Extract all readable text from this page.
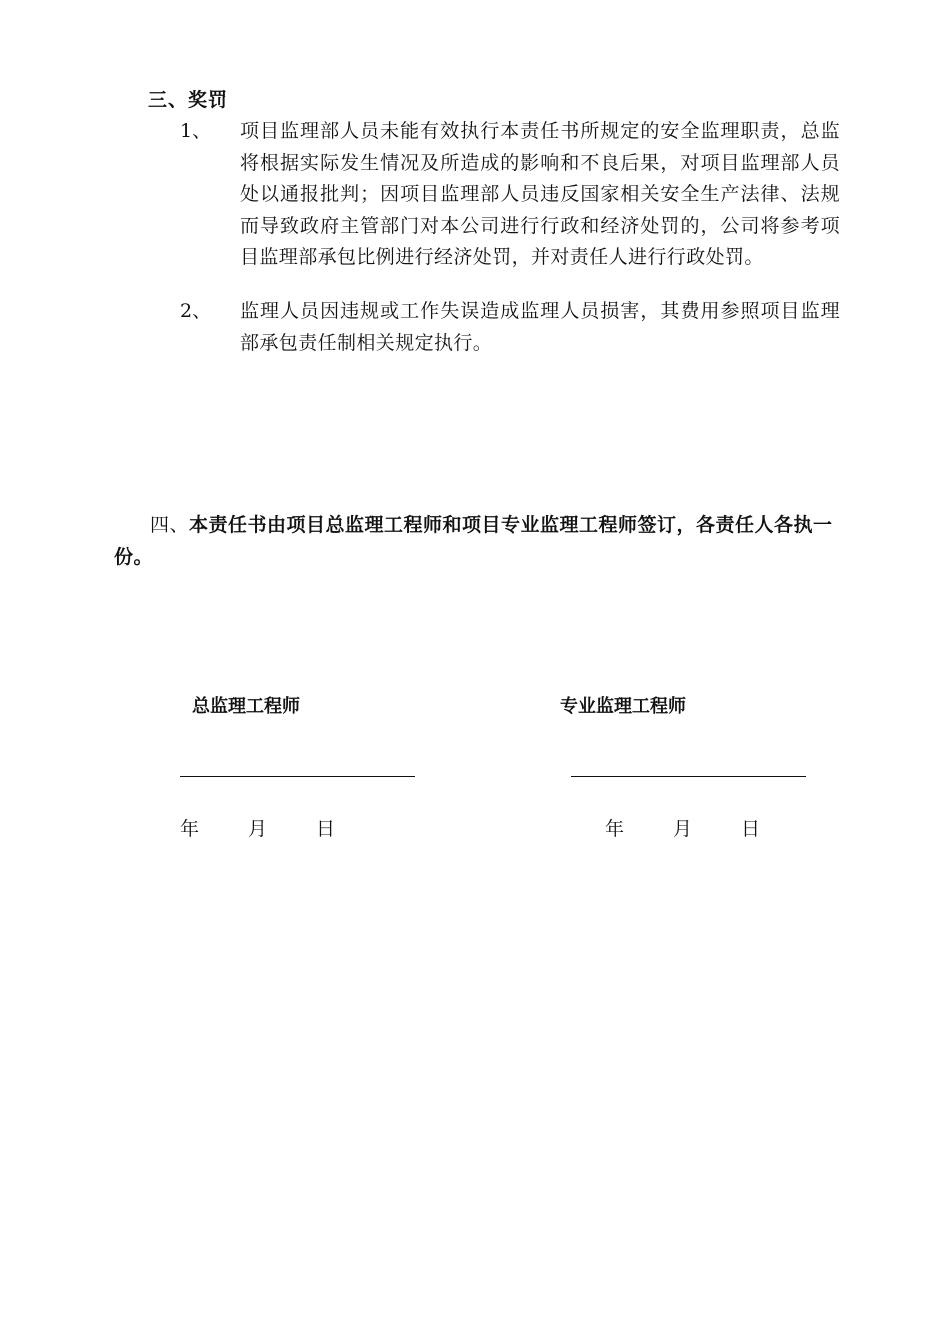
三、奖罚
1、	项目监理部人员未能有效执行本责任书所规定的安全监理职责，总监将根据实际发生情况及所造成的影响和不良后果，对项目监理部人员处以通报批判；因项目监理部人员违反国家相关安全生产法律、法规而导致政府主管部门对本公司进行行政和经济处罚的，公司将参考项目监理部承包比例进行经济处罚，并对责任人进行行政处罚。
2、	监理人员因违规或工作失误造成监理人员损害，其费用参照项目监理部承包责任制相关规定执行。
四、本责任书由项目总监理工程师和项目专业监理工程师签订，各责任人各执一份。
总监理工程师	专业监理工程师
年	月	日	年	月	日
